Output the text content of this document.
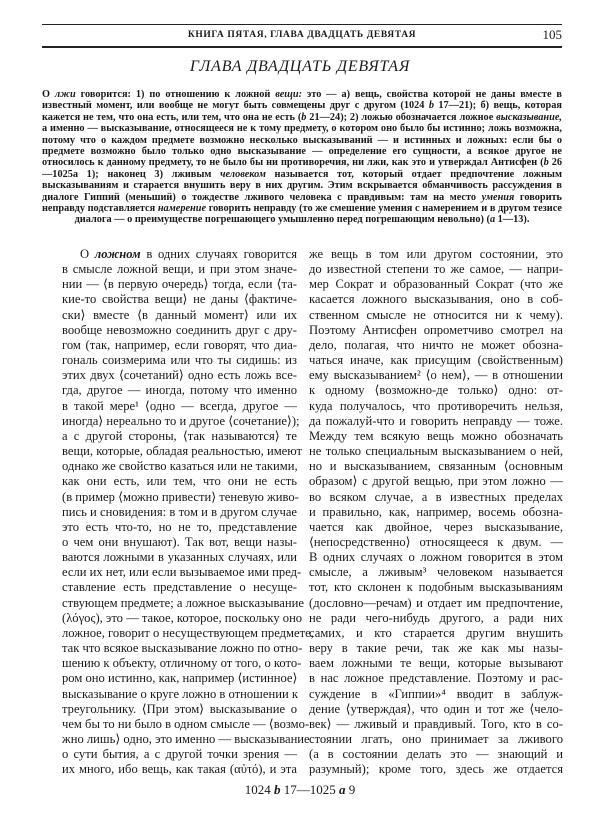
КНИГА ПЯТАЯ, ГЛАВА ДВАДЦАТЬ ДЕВЯТАЯ	105
ГЛАВА ДВАДЦАТЬ ДЕВЯТАЯ
О лжи говорится: 1) по отношению к ложной вещи: это — а) вещь, свойства которой не даны вместе в известный момент, или вообще не могут быть совмещены друг с другом (1024 b 17—21); б) вещь, которая кажется не тем, что она есть, или тем, что она не есть (b 21—24); 2) ложью обозначается ложное высказывание, а именно — высказывание, относящееся не к тому предмету, о котором оно было бы истинно; ложь возможна, потому что о каждом предмете возможно несколько высказываний — и истинных и ложных: если бы о предмете возможно было только одно высказывание — определение его сущности, а всякое другое не относилось к данному предмету, то не было бы ни противоречия, ни лжи, как это и утверждал Антисфен (b 26—1025a 1); наконец 3) лживым человеком называется тот, который отдает предпочтение ложным высказываниям и старается внушить веру в них другим. Этим вскрывается обманчивость рассуждения в диалоге Гиппий (меньший) о тождестве лживого человека с правдивым: там на место умения говорить неправду подставляется намерение говорить неправду (то же смешение умения с намерением и в другом тезисе диалога — о преимуществе погрешающего умышленно перед погрешающим невольно) (a 1—13).
О ложном в одних случаях говорится
в смысле ложной вещи, и при этом значе-
нии — ⟨в первую очередь⟩ тогда, если ⟨та-
кие-то свойства вещи⟩ не даны ⟨фактиче-
ски⟩ вместе ⟨в данный момент⟩ или их
вообще невозможно соединить друг с дру-
гом (так, например, если говорят, что диа-
гональ соизмерима или что ты сидишь: из
этих двух ⟨сочетаний⟩ одно есть ложь все-
гда, другое — иногда, потому что именно
в такой мере¹ ⟨одно — всегда, другое —
иногда⟩ нереально то и другое ⟨сочетание⟩);
а с другой стороны, ⟨так называются⟩ те
вещи, которые, обладая реальностью, имеют
однако же свойство казаться или не такими,
как они есть, или тем, что они не есть
(в пример ⟨можно привести⟩ теневую живо-
пись и сновидения: в том и в другом случае
это есть что-то, но не то, представление
о чем они внушают). Так вот, вещи назы-
ваются ложными в указанных случаях, или
если их нет, или если вызываемое ими пред-
ставление есть представление о несуще-
ствующем предмете; а ложное высказывание
(λόγος), это — такое, которое, поскольку оно
ложное, говорит о несуществующем предмете,
так что всякое высказывание ложно по отно-
шению к объекту, отличному от того, о кото-
ром оно истинно, как, например ⟨истинное⟩
высказывание о круге ложно в отношении к
треугольнику. ⟨При этом⟩ высказывание о
чем бы то ни было в одном смысле — ⟨возмо-
жно лишь⟩ одно, это именно — высказывание
о сути бытия, а с другой точки зрения —
их много, ибо вещь, как такая (αὐτό), и эта
же вещь в том или другом состоянии, это
до известной степени то же самое, — напри-
мер Сократ и образованный Сократ (что же
касается ложного высказывания, оно в соб-
ственном смысле не относится ни к чему).
Поэтому Антисфен опрометчиво смотрел на
дело, полагая, что ничто не может обозна-
чаться иначе, как присущим (свойственным)
ему высказыванием² ⟨о нем⟩, — в отношении
к одному ⟨возможно-де только⟩ одно: от-
куда получалось, что противоречить нельзя,
да пожалуй-что и говорить неправду — тоже.
Между тем всякую вещь можно обозначать
не только специальным высказыванием о ней,
но и высказыванием, связанным ⟨основным
образом⟩ с другой вещью, при этом ложно —
во всяком случае, а в известных пределах
и правильно, как, например, восемь обозна-
чается как двойное, через высказывание,
⟨непосредственно⟩ относящееся к двум. —
В одних случаях о ложном говорится в этом
смысле, а лживым³ человеком называется
тот, кто склонен к подобным высказываниям
(дословно—речам) и отдает им предпочтение,
не ради чего-нибудь другого, а ради них
самих, и кто старается другим внушить
веру в такие речи, так же как мы назы-
ваем ложными те вещи, которые вызывают
в нас ложное представление. Поэтому и рас-
суждение в «Гиппии»⁴ вводит в заблуж-
дение ⟨утверждая⟩, что один и тот же ⟨чело-
век⟩ — лживый и правдивый. Того, кто в со-
стоянии лгать, оно принимает за лживого
(а в состоянии делать это — знающий и
разумный); кроме того, здесь же отдается
1024 b 17—1025 a 9
